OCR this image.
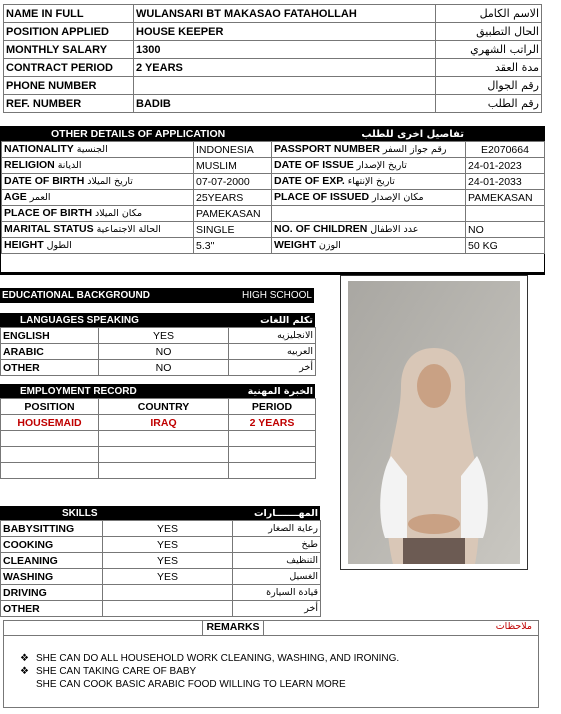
NAME IN FULL	WULANSARI BT MAKASAO FATAHOLLAH	الاسم الكامل
POSITION APPLIED	HOUSE KEEPER	الحال التطبيق
MONTHLY SALARY	1300	الراتب الشهري
CONTRACT PERIOD	2 YEARS	مدة العقد
PHONE NUMBER		رقم الجوال
REF. NUMBER	BADIB	رقم الطلب
OTHER DETAILS OF APPLICATION	تفاصيل اخرى للطلب
NATIONALITY الجنسية	INDONESIA	PASSPORT NUMBER رقم جواز السفر	E2070664
RELIGION الديانة	MUSLIM	DATE OF ISSUE تاريخ الإصدار	24-01-2023
DATE OF BIRTH تاريخ الميلاد	07-07-2000	DATE OF EXP. تاريخ الإنتهاء	24-01-2033
AGE العمر	25YEARS	PLACE OF ISSUED مكان الإصدار	PAMEKASAN
PLACE OF BIRTH مكان الميلاد	PAMEKASAN		
MARITAL STATUS الحالة الاجتماعية	SINGLE	NO. OF CHILDREN عدد الاطفال	NO
HEIGHT الطول	5.3"	WEIGHT الوزن	50 KG
EDUCATIONAL BACKGROUND	HIGH SCHOOL
LANGUAGES SPEAKING	تكلم اللغات
ENGLISH	YES	الانجليزيه
ARABIC	NO	العربيه
OTHER	NO	أخر
EMPLOYMENT RECORD	الخبرة المهنية
POSITION	COUNTRY	PERIOD
HOUSEMAID	IRAQ	2 YEARS

SKILLS	المهـــــــارات
BABYSITTING	YES	رعاية الصغار
COOKING	YES	طبخ
CLEANING	YES	التنظيف
WASHING	YES	الغسيل
DRIVING		قيادة السيارة
OTHER		أخر
REMARKS	ملاحظات
❖ SHE CAN DO ALL HOUSEHOLD WORK CLEANING, WASHING, AND IRONING.
❖ SHE CAN TAKING CARE OF BABY
SHE CAN COOK BASIC ARABIC FOOD WILLING TO LEARN MORE
